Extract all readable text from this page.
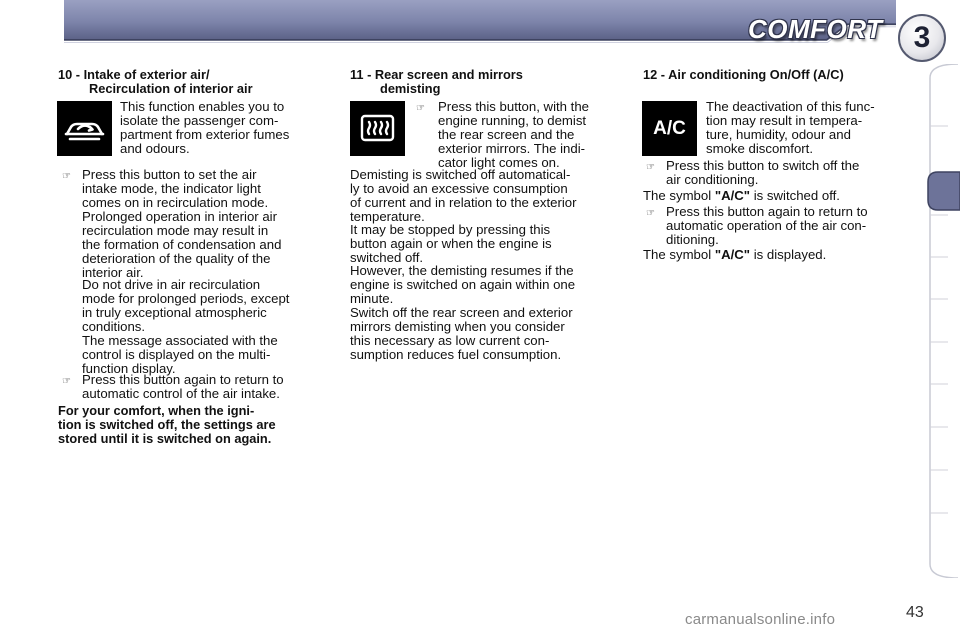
COMFORT	3
10 - Intake of exterior air/
Recirculation of interior air

This function enables you to

isolate the passenger com-

partment from exterior fumes

and odours.

☞ Press this button to set the air

intake mode, the indicator light

comes on in recirculation mode.

Prolonged operation in interior air

recirculation mode may result in

the formation of condensation and

deterioration of the quality of the

interior air.

Do not drive in air recirculation

mode for prolonged periods, except

in truly exceptional atmospheric

conditions.

The message associated with the

control is displayed on the multi-

function display.

☞ Press this button again to return to

automatic control of the air intake.

For your comfort, when the igni-

tion is switched off, the settings are

stored until it is switched on again.

11 - Rear screen and mirrors
demisting
☞ Press this button, with the

engine running, to demist

the rear screen and the

exterior mirrors. The indi-

cator light comes on.

Demisting is switched off automatical-

ly to avoid an excessive consumption

of current and in relation to the exterior

temperature.

It may be stopped by pressing this

button again or when the engine is

switched off.

However, the demisting resumes if the

engine is switched on again within one

minute.

Switch off the rear screen and exterior

mirrors demisting when you consider

this necessary as low current con-

sumption reduces fuel consumption.

12 - Air conditioning On/Off (A/C)
A/C

The deactivation of this func-

tion may result in tempera-

ture, humidity, odour and

smoke discomfort.

☞ Press this button to switch off the

air conditioning.

The symbol "A/C" is switched off.

☞ Press this button again to return to

automatic operation of the air con-

ditioning.

The symbol "A/C" is displayed.

carmanualsonline.info	43
